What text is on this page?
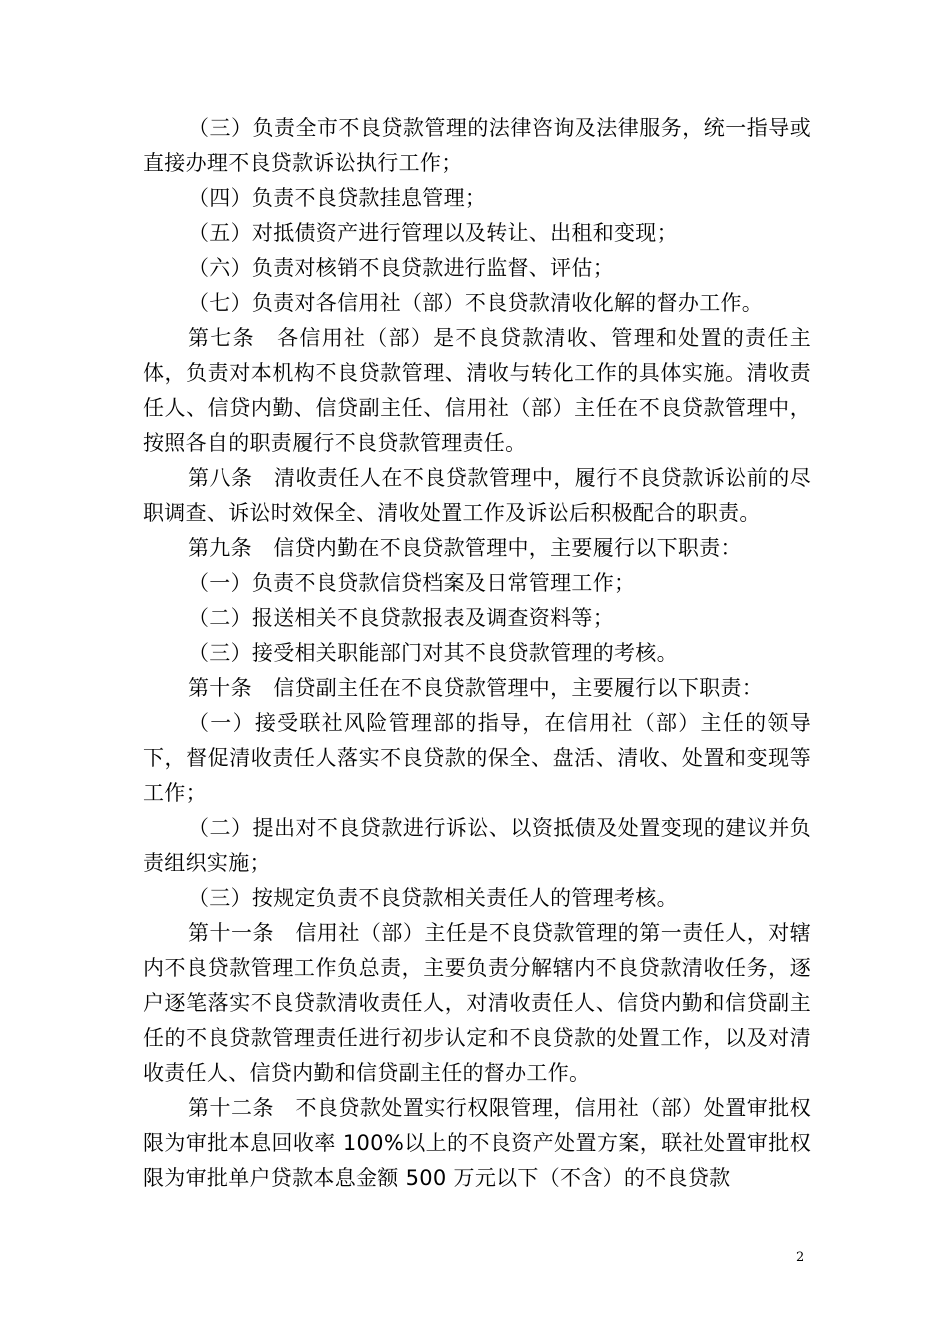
（三）负责全市不良贷款管理的法律咨询及法律服务，统一指导或直接办理不良贷款诉讼执行工作；

（四）负责不良贷款挂息管理；

（五）对抵债资产进行管理以及转让、出租和变现；

（六）负责对核销不良贷款进行监督、评估；

（七）负责对各信用社（部）不良贷款清收化解的督办工作。

第七条　各信用社（部）是不良贷款清收、管理和处置的责任主体，负责对本机构不良贷款管理、清收与转化工作的具体实施。清收责任人、信贷内勤、信贷副主任、信用社（部）主任在不良贷款管理中，按照各自的职责履行不良贷款管理责任。

第八条　清收责任人在不良贷款管理中，履行不良贷款诉讼前的尽职调查、诉讼时效保全、清收处置工作及诉讼后积极配合的职责。

第九条　信贷内勤在不良贷款管理中，主要履行以下职责：

（一）负责不良贷款信贷档案及日常管理工作；

（二）报送相关不良贷款报表及调查资料等；

（三）接受相关职能部门对其不良贷款管理的考核。

第十条　信贷副主任在不良贷款管理中，主要履行以下职责：

（一）接受联社风险管理部的指导，在信用社（部）主任的领导下，督促清收责任人落实不良贷款的保全、盘活、清收、处置和变现等工作；

（二）提出对不良贷款进行诉讼、以资抵债及处置变现的建议并负责组织实施；

（三）按规定负责不良贷款相关责任人的管理考核。

第十一条　信用社（部）主任是不良贷款管理的第一责任人，对辖内不良贷款管理工作负总责，主要负责分解辖内不良贷款清收任务，逐户逐笔落实不良贷款清收责任人，对清收责任人、信贷内勤和信贷副主任的不良贷款管理责任进行初步认定和不良贷款的处置工作，以及对清收责任人、信贷内勤和信贷副主任的督办工作。

第十二条　不良贷款处置实行权限管理，信用社（部）处置审批权限为审批本息回收率 100%以上的不良资产处置方案，联社处置审批权限为审批单户贷款本息金额 500 万元以下（不含）的不良贷款

2
